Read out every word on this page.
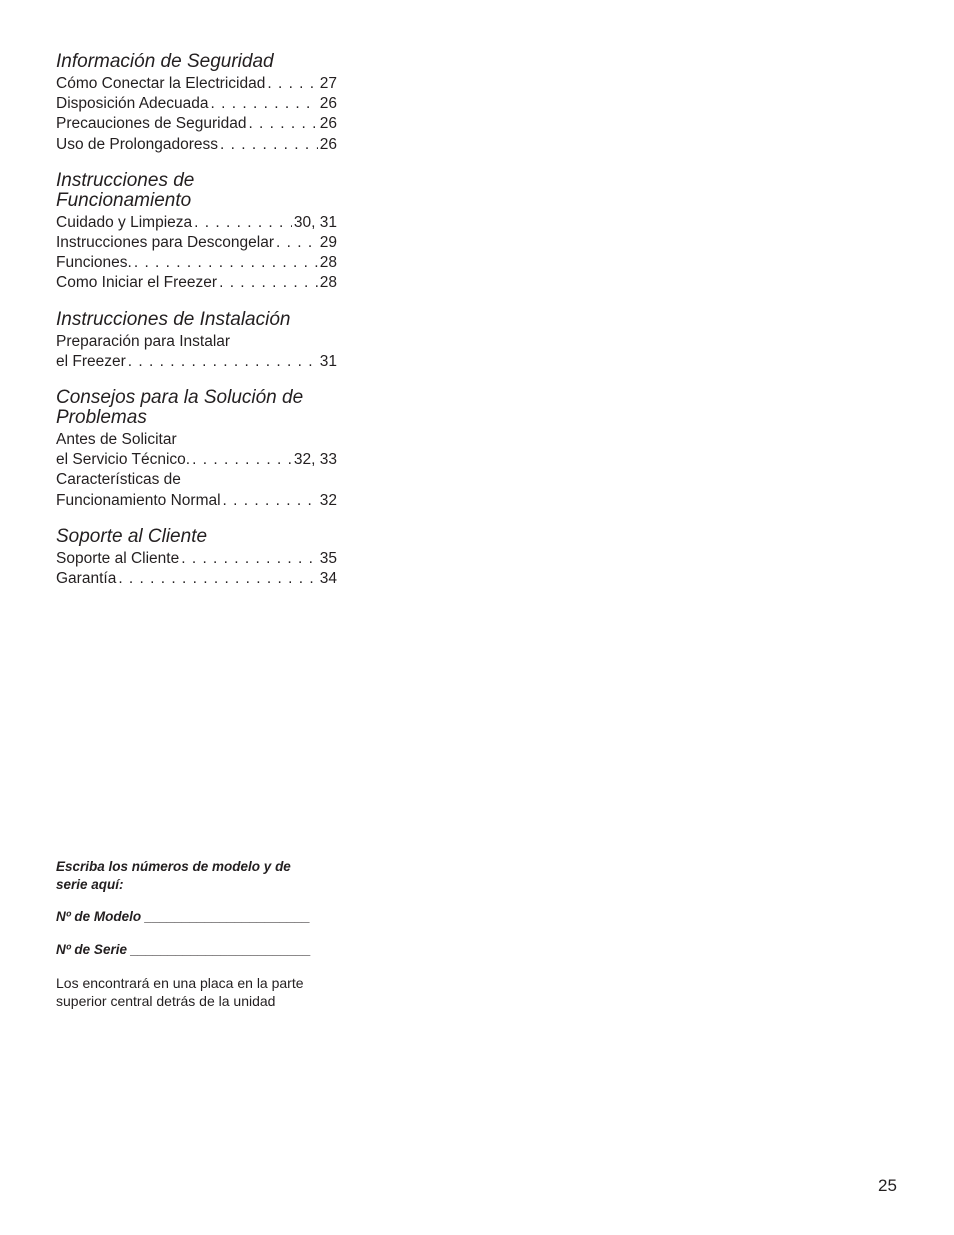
Información de Seguridad
Cómo Conectar la Electricidad . . .	27
Disposición Adecuada . . .	26
Precauciones de Seguridad . . .	26
Uso de Prolongadoress . . .	26
Instrucciones de
Funcionamiento
Cuidado y Limpieza . . .	30, 31
Instrucciones para Descongelar . . .	29
Funciones. . . .	28
Como Iniciar el Freezer . . .	28
Instrucciones de Instalación
Preparación para Instalar
el Freezer . . .	31
Consejos para la Solución de
Problemas
Antes de Solicitar
el Servicio Técnico. . . .	32, 33
Características de
Funcionamiento Normal . . .	32
Soporte al Cliente
Soporte al Cliente . . .	35
Garantía . . .	34
Escriba los números de modelo y de
serie aquí:
Nº de Modelo ______________________
Nº de Serie ________________________
Los encontrará en una placa en la parte
superior central detrás de la unidad
25
